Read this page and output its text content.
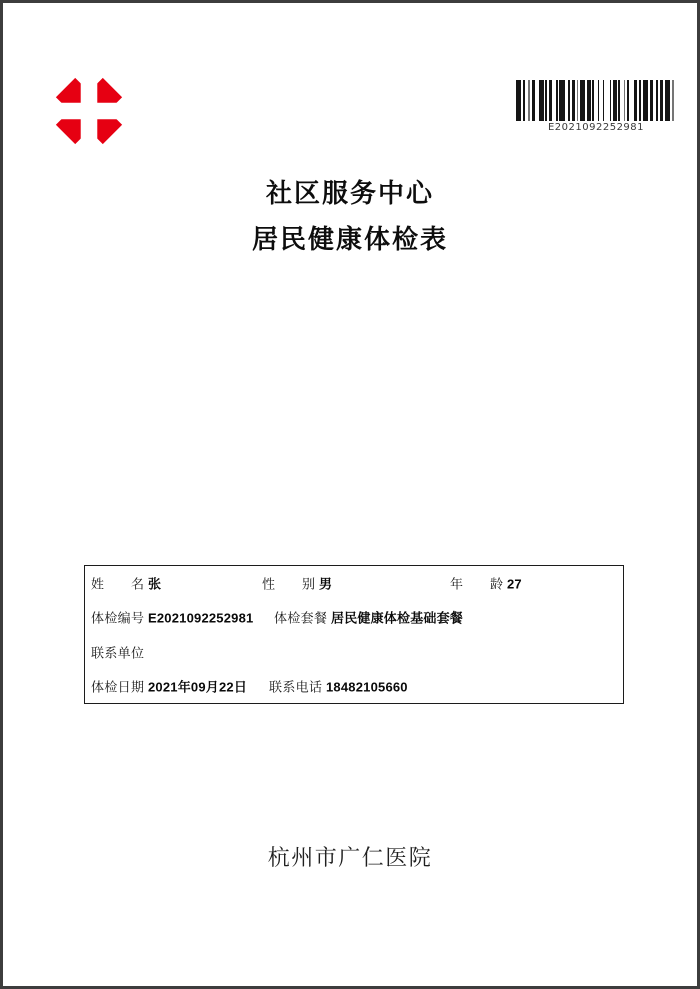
E2021092252981
社区服务中心
居民健康体检表
姓名 张	性别 男	年龄 27
体检编号 E2021092252981 体检套餐 居民健康体检基础套餐
联系单位
体检日期 2021年09月22日 联系电话 18482105660
杭州市广仁医院
